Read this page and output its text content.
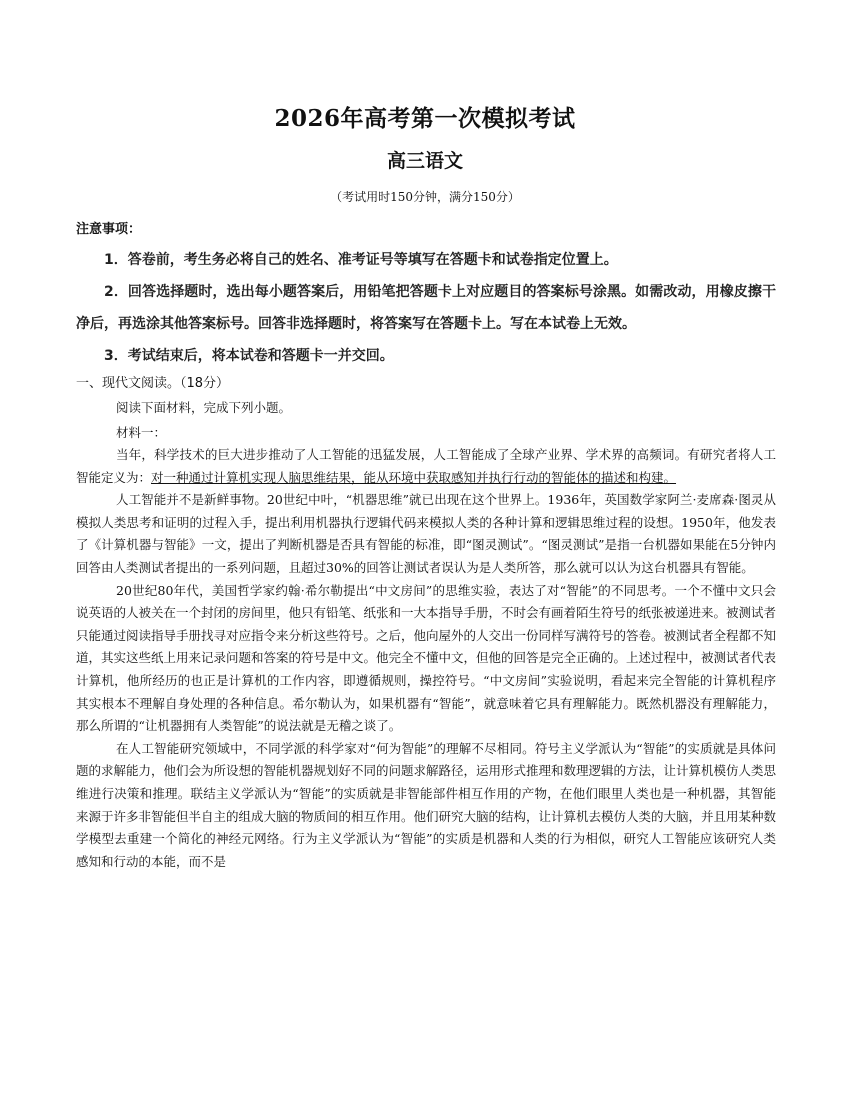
2026年高考第一次模拟考试
高三语文
（考试用时150分钟，满分150分）
注意事项：

1．答卷前，考生务必将自己的姓名、准考证号等填写在答题卡和试卷指定位置上。

2．回答选择题时，选出每小题答案后，用铅笔把答题卡上对应题目的答案标号涂黑。如需改动，用橡皮擦干净后，再选涂其他答案标号。回答非选择题时，将答案写在答题卡上。写在本试卷上无效。

3．考试结束后，将本试卷和答题卡一并交回。

一、现代文阅读。（18分）
阅读下面材料，完成下列小题。
材料一：

当年，科学技术的巨大进步推动了人工智能的迅猛发展，人工智能成了全球产业界、学术界的高频词。有研究者将人工智能定义为：对一种通过计算机实现人脑思维结果，能从环境中获取感知并执行行动的智能体的描述和构建。

人工智能并不是新鲜事物。20世纪中叶，“机器思维”就已出现在这个世界上。1936年，英国数学家阿兰·麦席森·图灵从模拟人类思考和证明的过程入手，提出利用机器执行逻辑代码来模拟人类的各种计算和逻辑思维过程的设想。1950年，他发表了《计算机器与智能》一文，提出了判断机器是否具有智能的标准，即“图灵测试”。“图灵测试”是指一台机器如果能在5分钟内回答由人类测试者提出的一系列问题，且超过30%的回答让测试者误认为是人类所答，那么就可以认为这台机器具有智能。

20世纪80年代，美国哲学家约翰·希尔勒提出“中文房间”的思维实验，表达了对“智能”的不同思考。一个不懂中文只会说英语的人被关在一个封闭的房间里，他只有铅笔、纸张和一大本指导手册，不时会有画着陌生符号的纸张被递进来。被测试者只能通过阅读指导手册找寻对应指令来分析这些符号。之后，他向屋外的人交出一份同样写满符号的答卷。被测试者全程都不知道，其实这些纸上用来记录问题和答案的符号是中文。他完全不懂中文，但他的回答是完全正确的。上述过程中，被测试者代表计算机，他所经历的也正是计算机的工作内容，即遵循规则，操控符号。“中文房间”实验说明，看起来完全智能的计算机程序其实根本不理解自身处理的各种信息。希尔勒认为，如果机器有“智能”，就意味着它具有理解能力。既然机器没有理解能力，那么所谓的“让机器拥有人类智能”的说法就是无稽之谈了。

在人工智能研究领域中，不同学派的科学家对“何为智能”的理解不尽相同。符号主义学派认为“智能”的实质就是具体问题的求解能力，他们会为所设想的智能机器规划好不同的问题求解路径，运用形式推理和数理逻辑的方法，让计算机模仿人类思维进行决策和推理。联结主义学派认为“智能”的实质就是非智能部件相互作用的产物，在他们眼里人类也是一种机器，其智能来源于许多非智能但半自主的组成大脑的物质间的相互作用。他们研究大脑的结构，让计算机去模仿人类的大脑，并且用某种数学模型去重建一个简化的神经元网络。行为主义学派认为“智能”的实质是机器和人类的行为相似，研究人工智能应该研究人类感知和行动的本能，而不是
